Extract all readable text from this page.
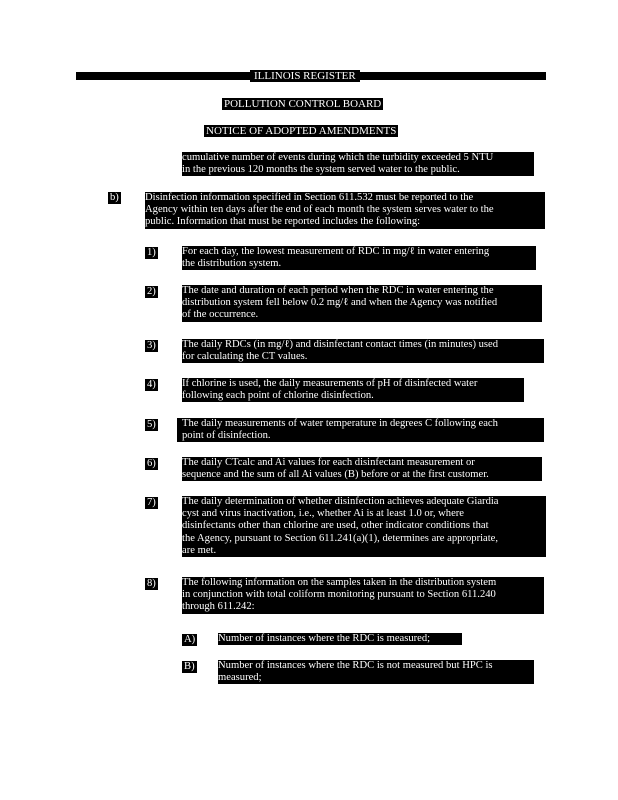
ILLINOIS REGISTER
POLLUTION CONTROL BOARD
NOTICE OF ADOPTED AMENDMENTS
cumulative number of events during which the turbidity exceeded 5 NTU
in the previous 120 months the system served water to the public.
b) Disinfection information specified in Section 611.532 must be reported to the
Agency within ten days after the end of each month the system serves water to the
public. Information that must be reported includes the following:
1) For each day, the lowest measurement of RDC in mg/ℓ in water entering
the distribution system.
2) The date and duration of each period when the RDC in water entering the
distribution system fell below 0.2 mg/ℓ and when the Agency was notified
of the occurrence.
3) The daily RDCs (in mg/ℓ) and disinfectant contact times (in minutes) used
for calculating the CT values.
4) If chlorine is used, the daily measurements of pH of disinfected water
following each point of chlorine disinfection.
5) The daily measurements of water temperature in degrees C following each
point of disinfection.
6) The daily CTcalc and Ai values for each disinfectant measurement or
sequence and the sum of all Ai values (B) before or at the first customer.
7) The daily determination of whether disinfection achieves adequate Giardia
cyst and virus inactivation, i.e., whether Ai is at least 1.0 or, where
disinfectants other than chlorine are used, other indicator conditions that
the Agency, pursuant to Section 611.241(a)(1), determines are appropriate,
are met.
8) The following information on the samples taken in the distribution system
in conjunction with total coliform monitoring pursuant to Section 611.240
through 611.242:
A) Number of instances where the RDC is measured;
B) Number of instances where the RDC is not measured but HPC is
measured;
